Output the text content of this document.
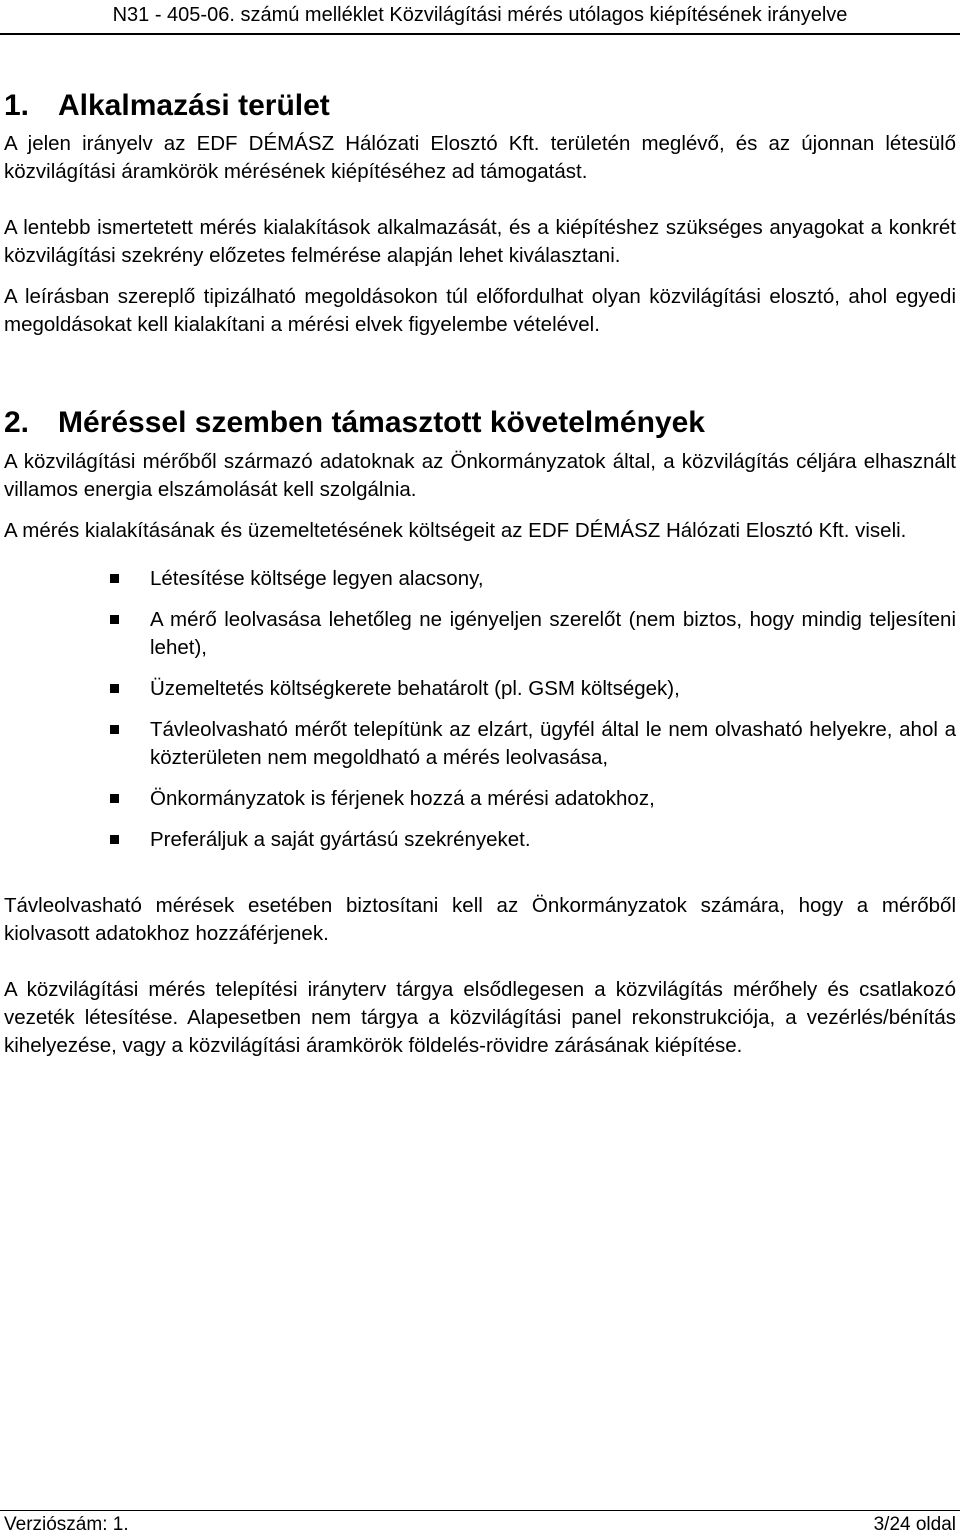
N31 - 405-06. számú melléklet Közvilágítási mérés utólagos kiépítésének irányelve
1. Alkalmazási terület

A jelen irányelv az EDF DÉMÁSZ Hálózati Elosztó Kft. területén meglévő, és az újonnan létesülő közvilágítási áramkörök mérésének kiépítéséhez ad támogatást.

A lentebb ismertetett mérés kialakítások alkalmazását, és a kiépítéshez szükséges anyagokat a konkrét közvilágítási szekrény előzetes felmérése alapján lehet kiválasztani.

A leírásban szereplő tipizálható megoldásokon túl előfordulhat olyan közvilágítási elosztó, ahol egyedi megoldásokat kell kialakítani a mérési elvek figyelembe vételével.

2. Méréssel szemben támasztott követelmények

A közvilágítási mérőből származó adatoknak az Önkormányzatok által, a közvilágítás céljára elhasznált villamos energia elszámolását kell szolgálnia.

A mérés kialakításának és üzemeltetésének költségeit az EDF DÉMÁSZ Hálózati Elosztó Kft. viseli.

Létesítése költsége legyen alacsony,
A mérő leolvasása lehetőleg ne igényeljen szerelőt (nem biztos, hogy mindig teljesíteni lehet),
Üzemeltetés költségkerete behatárolt (pl. GSM költségek),
Távleolvasható mérőt telepítünk az elzárt, ügyfél által le nem olvasható helyekre, ahol a közterületen nem megoldható a mérés leolvasása,
Önkormányzatok is férjenek hozzá a mérési adatokhoz,
Preferáljuk a saját gyártású szekrényeket.

Távleolvasható mérések esetében biztosítani kell az Önkormányzatok számára, hogy a mérőből kiolvasott adatokhoz hozzáférjenek.

A közvilágítási mérés telepítési irányterv tárgya elsődlegesen a közvilágítás mérőhely és csatlakozó vezeték létesítése. Alapesetben nem tárgya a közvilágítási panel rekonstrukciója, a vezérlés/bénítás kihelyezése, vagy a közvilágítási áramkörök földelés-rövidre zárásának kiépítése.

Verziószám: 1.	3/24 oldal
